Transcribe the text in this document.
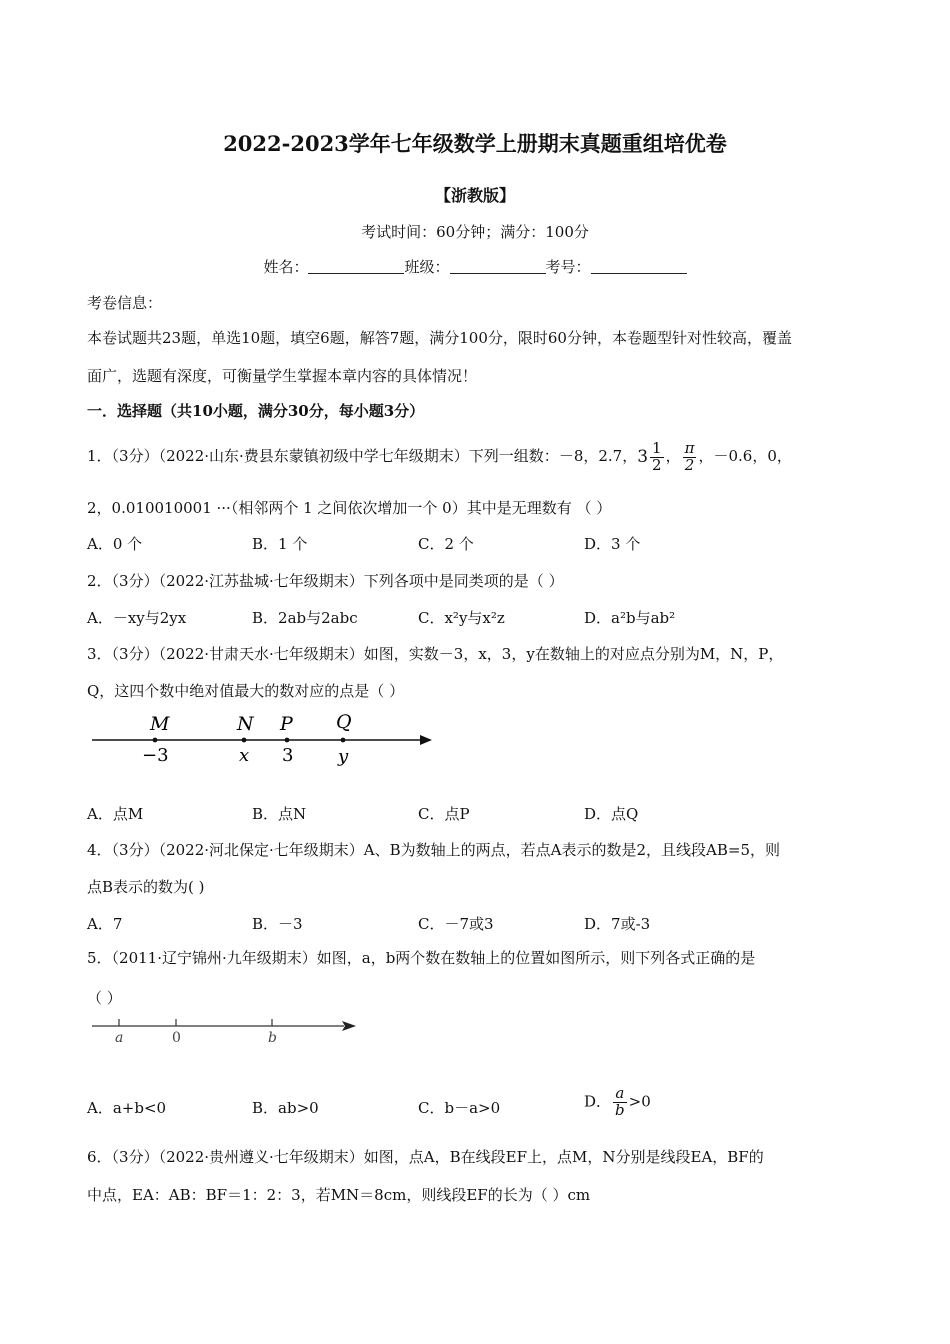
2022-2023学年七年级数学上册期末真题重组培优卷
【浙教版】
考试时间：60分钟；满分：100分
姓名：	班级：	考号：
考卷信息：
本卷试题共23题，单选10题，填空6题，解答7题，满分100分，限时60分钟，本卷题型针对性较高，覆盖
面广，选题有深度，可衡量学生掌握本章内容的具体情况！
一．选择题（共10小题，满分30分，每小题3分）
1．（3分）（2022·山东·费县东蒙镇初级中学七年级期末）下列一组数：－8，2.7，$3 \frac{1}{2}$ ， $\frac{\pi}{2}$ ，－0.6，0，
2，0.010010001 ···（相邻两个 1 之间依次增加一个 0）其中是无理数有 （ ）
A．0 个	B．1 个	C．2 个	D．3 个
2．（3分）（2022·江苏盐城·七年级期末）下列各项中是同类项的是（ ）
A．－xy与2yx	B．2ab与2abc	C．x²y与x²z	D．a²b与ab²
3．（3分）（2022·甘肃天水·七年级期末）如图，实数－3，x，3，y在数轴上的对应点分别为M，N，P，
Q，这四个数中绝对值最大的数对应的点是（ ）
M	N P Q
−3	x 3 y
A．点M	B．点N	C．点P	D．点Q
4．（3分）（2022·河北保定·七年级期末）A、B为数轴上的两点，若点A表示的数是2，且线段AB=5，则
点B表示的数为( )
A．7	B．－3	C．－7或3	D．7或-3
5．（2011·辽宁锦州·九年级期末）如图，a，b两个数在数轴上的位置如图所示，则下列各式正确的是
（ ）
a	0	b
A．a+b<0	B．ab>0	C．b－a>0	D． $\frac{a}{b} >0$
6．（3分）（2022·贵州遵义·七年级期末）如图，点A，B在线段EF上，点M，N分别是线段EA，BF的
中点，EA：AB：BF＝1：2：3，若MN＝8cm，则线段EF的长为（ ）cm
